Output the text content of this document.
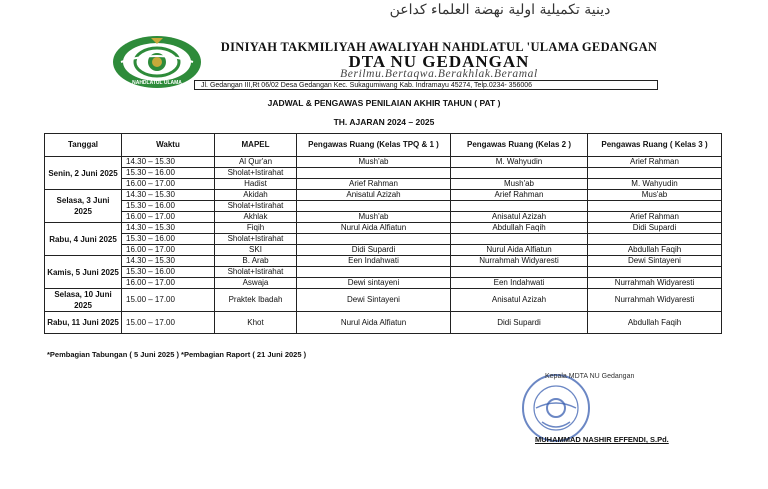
NAHDLATUL ULAMA
دينية تكميلية اولية نهضة العلماء كداعن
DINIYAH TAKMILIYAH AWALIYAH NAHDLATUL 'ULAMA GEDANGAN
DTA NU GEDANGAN
Berilmu.Bertaqwa.Berakhlak.Beramal
Jl. Gedangan III,Rt 06/02 Desa Gedangan Kec. Sukagumiwang Kab. Indramayu 45274, Telp.0234- 356006
JADWAL & PENGAWAS PENILAIAN AKHIR TAHUN ( PAT )
TH. AJARAN 2024 – 2025
Tanggal	Waktu	MAPEL	Pengawas Ruang (Kelas TPQ & 1 )	Pengawas Ruang (Kelas 2 )	Pengawas Ruang ( Kelas 3 )
Senin, 2 Juni 2025	14.30 – 15.30	Al Qur'an	Mush'ab	M. Wahyudin	Arief Rahman
	15.30 – 16.00	Sholat+Istirahat			
	16.00 – 17.00	Hadist	Arief Rahman	Mush'ab	M. Wahyudin
Selasa, 3 Juni 2025	14.30 – 15.30	Akidah	Anisatul Azizah	Arief Rahman	Mus'ab
	15.30 – 16.00	Sholat+Istirahat			
	16.00 – 17.00	Akhlak	Mush'ab	Anisatul Azizah	Arief Rahman
Rabu, 4 Juni 2025	14.30 – 15.30	Fiqih	Nurul Aida Alfiatun	Abdullah Faqih	Didi Supardi
	15.30 – 16.00	Sholat+Istirahat			
	16.00 – 17.00	SKI	Didi Supardi	Nurul Aida Alfiatun	Abdullah Faqih
Kamis, 5 Juni 2025	14.30 – 15.30	B. Arab	Een Indahwati	Nurrahmah Widyaresti	Dewi Sintayeni
	15.30 – 16.00	Sholat+Istirahat			
	16.00 – 17.00	Aswaja	Dewi sintayeni	Een Indahwati	Nurrahmah Widyaresti
Selasa, 10 Juni 2025	15.00 – 17.00	Praktek Ibadah	Dewi Sintayeni	Anisatul Azizah	Nurrahmah Widyaresti
Rabu, 11 Juni 2025	15.00 – 17.00	Khot	Nurul Aida Alfiatun	Didi Supardi	Abdullah Faqih
*Pembagian Tabungan ( 5 Juni 2025 ) *Pembagian Raport ( 21 Juni 2025 )
Kepala MDTA NU Gedangan
MUHAMMAD NASHIR EFFENDI, S.Pd.
